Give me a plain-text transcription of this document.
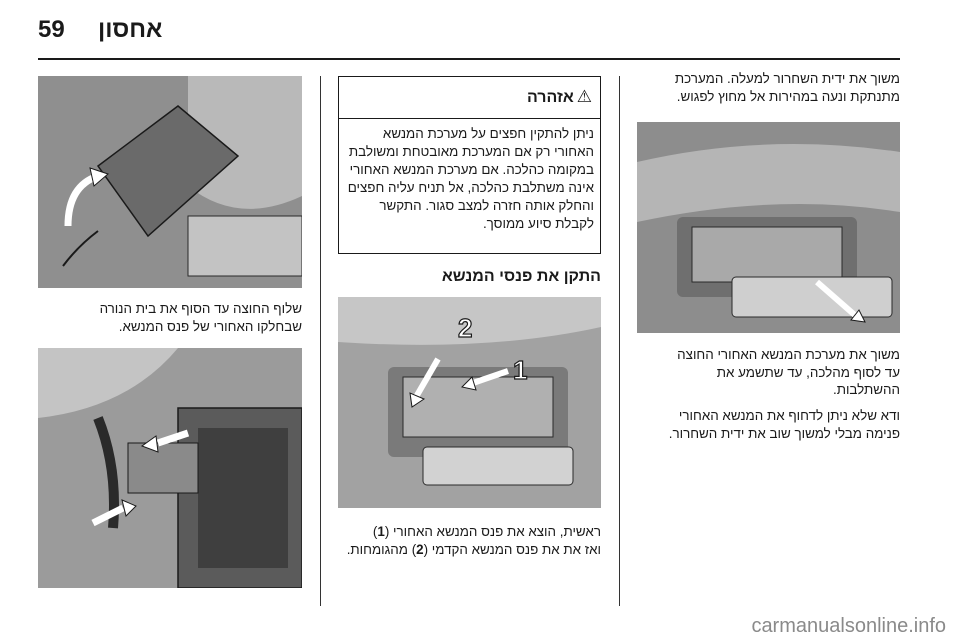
59 אחסון

משוך את ידית השחרור למעלה. המערכת מתנתקת ונעה במהירות אל מחוץ לפגוש.

משוך את מערכת המנשא האחורי החוצה
עד לסוף מהלכה, עד שתשמע את
ההשתלבות.

ודא שלא ניתן לדחוף את המנשא האחורי
פנימה מבלי למשוך שוב את ידית השחרור.

⚠אזהרה

ניתן להתקין חפצים על מערכת המנשא האחורי רק אם המערכת מאובטחת ומשולבת במקומה כהלכה. אם מערכת המנשא האחורי אינה משתלבת כהלכה, אל תניח עליה חפצים והחלק אותה חזרה למצב סגור. התקשר לקבלת סיוע ממוסך.

התקן את פנסי המנשא
2
1

ראשית, הוצא את פנס המנשא האחורי (1)
ואז את את פנס המנשא הקדמי (2) מהגומחות.

שלוף החוצה עד הסוף את בית הנורה
שבחלקו האחורי של פנס המנשא.

carmanualsonline.info
